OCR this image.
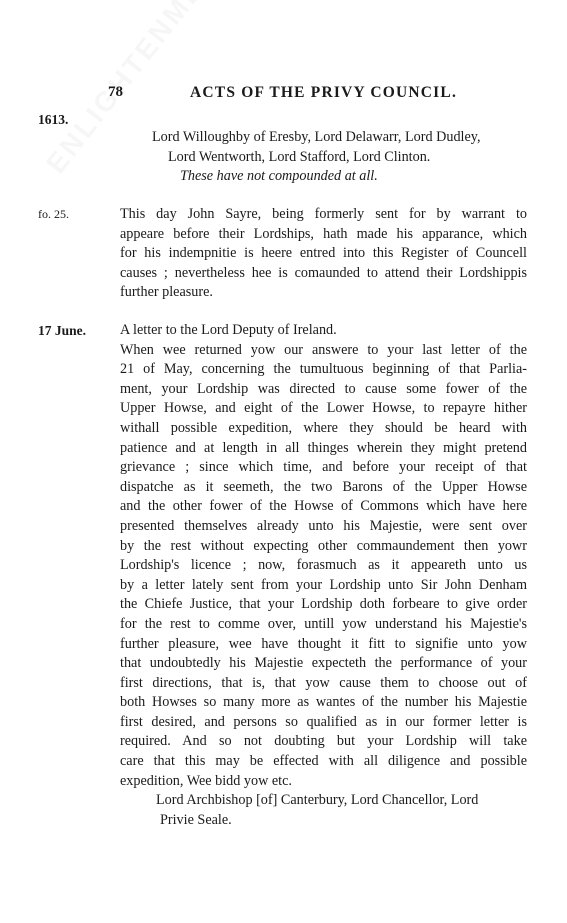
78	ACTS OF THE PRIVY COUNCIL.
1613.
Lord Willoughby of Eresby, Lord Delawarr, Lord Dudley,
Lord Wentworth, Lord Stafford, Lord Clinton.
These have not compounded at all.
fo. 25.	This day John Sayre, being formerly sent for by warrant to
appeare before their Lordships, hath made his apparance, which
for his indempnitie is heere entred into this Register of Councell
causes ; nevertheless hee is comaunded to attend their Lordshippis
further pleasure.
17 June. A letter to the Lord Deputy of Ireland.
When wee returned yow our answere to your last letter of the
21 of May, concerning the tumultuous beginning of that Parlia-
ment, your Lordship was directed to cause some fower of the
Upper Howse, and eight of the Lower Howse, to repayre hither
withall possible expedition, where they should be heard with
patience and at length in all thinges wherein they might pretend
grievance ; since which time, and before your receipt of that
dispatche as it seemeth, the two Barons of the Upper Howse
and the other fower of the Howse of Commons which have here
presented themselves already unto his Majestie, were sent over
by the rest without expecting other commaundement then yowr
Lordship's licence ; now, forasmuch as it appeareth unto us
by a letter lately sent from your Lordship unto Sir John Denham
the Chiefe Justice, that your Lordship doth forbeare to give order
for the rest to comme over, untill yow understand his Majestie's
further pleasure, wee have thought it fitt to signifie unto yow
that undoubtedly his Majestie expecteth the performance of your
first directions, that is, that yow cause them to choose out of
both Howses so many more as wantes of the number his Majestie
first desired, and persons so qualified as in our former letter is
required. And so not doubting but your Lordship will take
care that this may be effected with all diligence and possible
expedition, Wee bidd yow etc.
Lord Archbishop [of] Canterbury, Lord Chancellor, Lord
Privie Seale.
